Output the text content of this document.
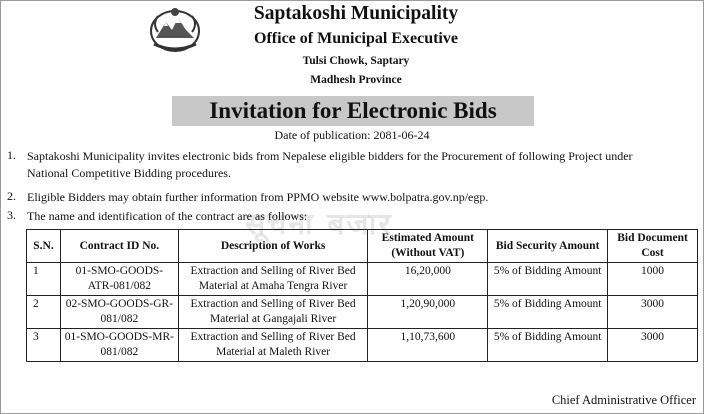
Saptakoshi Municipality
Office of Municipal Executive
Tulsi Chowk, Saptary
Madhesh Province
Invitation for Electronic Bids
Date of publication: 2081-06-24
सूचना बजार
1. Saptakoshi Municipality invites electronic bids from Nepalese eligible bidders for the Procurement of following Project under
National Competitive Bidding procedures.
2. Eligible Bidders may obtain further information from PPMO website www.bolpatra.gov.np/egp.
3. The name and identification of the contract are as follows:
S.N.	Contract ID No.	Description of Works	Estimated Amount (Without VAT)	Bid Security Amount	Bid Document Cost
1	01-SMO-GOODS-ATR-081/082	Extraction and Selling of River Bed Material at Amaha Tengra River	16,20,000	5% of Bidding Amount	1000
2	02-SMO-GOODS-GR-081/082	Extraction and Selling of River Bed Material at Gangajali River	1,20,90,000	5% of Bidding Amount	3000
3	01-SMO-GOODS-MR-081/082	Extraction and Selling of River Bed Material at Maleth River	1,10,73,600	5% of Bidding Amount	3000
Chief Administrative Officer
